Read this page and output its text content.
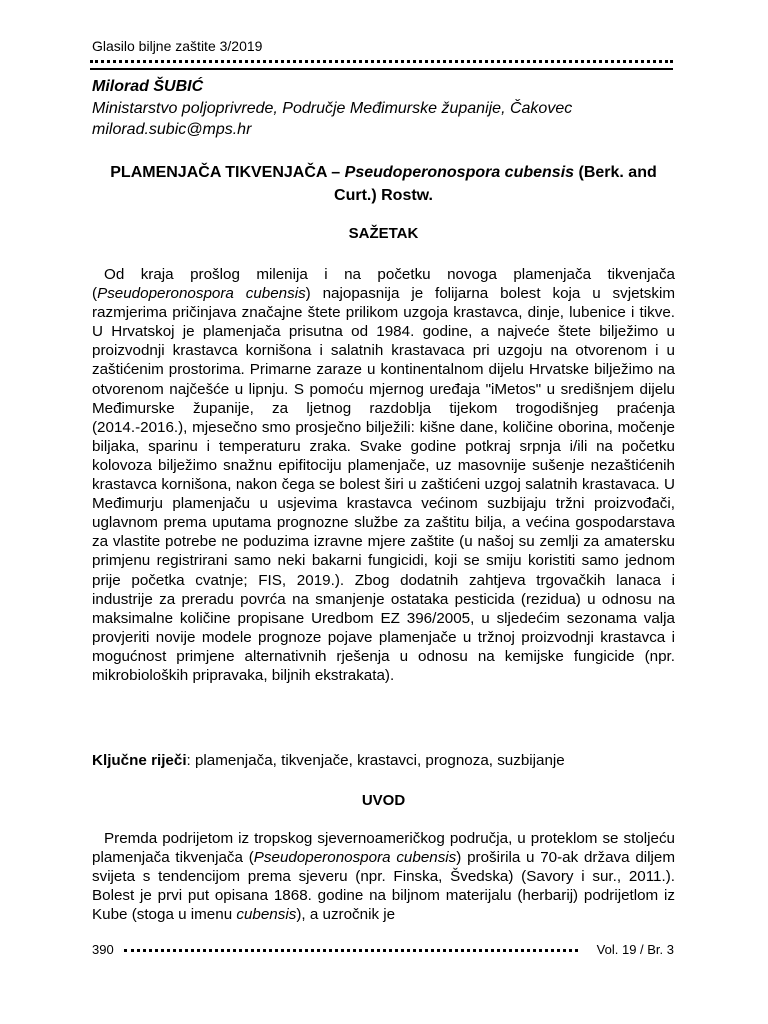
Glasilo biljne zaštite 3/2019
Milorad ŠUBIĆ
Ministarstvo poljoprivrede, Područje Međimurske županije, Čakovec
milorad.subic@mps.hr
PLAMENJAČA TIKVENJAČA – Pseudoperonospora cubensis (Berk. and Curt.) Rostw.
SAŽETAK

Od kraja prošlog milenija i na početku novoga plamenjača tikvenjača (Pseudoperonospora cubensis) najopasnija je folijarna bolest koja u svjetskim razmjerima pričinjava značajne štete prilikom uzgoja krastavca, dinje, lubenice i tikve. U Hrvatskoj je plamenjača prisutna od 1984. godine, a najveće štete bilježimo u proizvodnji krastavca kornišona i salatnih krastavaca pri uzgoju na otvorenom i u zaštićenim prostorima. Primarne zaraze u kontinentalnom dijelu Hrvatske bilježimo na otvorenom najčešće u lipnju. S pomoću mjernog uređaja "iMetos" u središnjem dijelu Međimurske županije, za ljetnog razdoblja tijekom trogodišnjeg praćenja (2014.-2016.), mjesečno smo prosječno bilježili: kišne dane, količine oborina, močenje biljaka, sparinu i temperaturu zraka. Svake godine potkraj srpnja i/ili na početku kolovoza bilježimo snažnu epifitociju plamenjače, uz masovnije sušenje nezaštićenih krastavca kornišona, nakon čega se bolest širi u zaštićeni uzgoj salatnih krastavaca. U Međimurju plamenjaču u usjevima krastavca većinom suzbijaju tržni proizvođači, uglavnom prema uputama prognozne službe za zaštitu bilja, a većina gospodarstava za vlastite potrebe ne poduzima izravne mjere zaštite (u našoj su zemlji za amatersku primjenu registrirani samo neki bakarni fungicidi, koji se smiju koristiti samo jednom prije početka cvatnje; FIS, 2019.). Zbog dodatnih zahtjeva trgovačkih lanaca i industrije za preradu povrća na smanjenje ostataka pesticida (rezidua) u odnosu na maksimalne količine propisane Uredbom EZ 396/2005, u sljedećim sezonama valja provjeriti novije modele prognoze pojave plamenjače u tržnoj proizvodnji krastavca i mogućnost primjene alternativnih rješenja u odnosu na kemijske fungicide (npr. mikrobioloških pripravaka, biljnih ekstrakata).

Ključne riječi: plamenjača, tikvenjače, krastavci, prognoza, suzbijanje
UVOD

Premda podrijetom iz tropskog sjevernoameričkog područja, u proteklom se stoljeću plamenjača tikvenjača (Pseudoperonospora cubensis) proširila u 70-ak država diljem svijeta s tendencijom prema sjeveru (npr. Finska, Švedska) (Savory i sur., 2011.). Bolest je prvi put opisana 1868. godine na biljnom materijalu (herbarij) podrijetlom iz Kube (stoga u imenu cubensis), a uzročnik je

390	Vol. 19 / Br. 3
